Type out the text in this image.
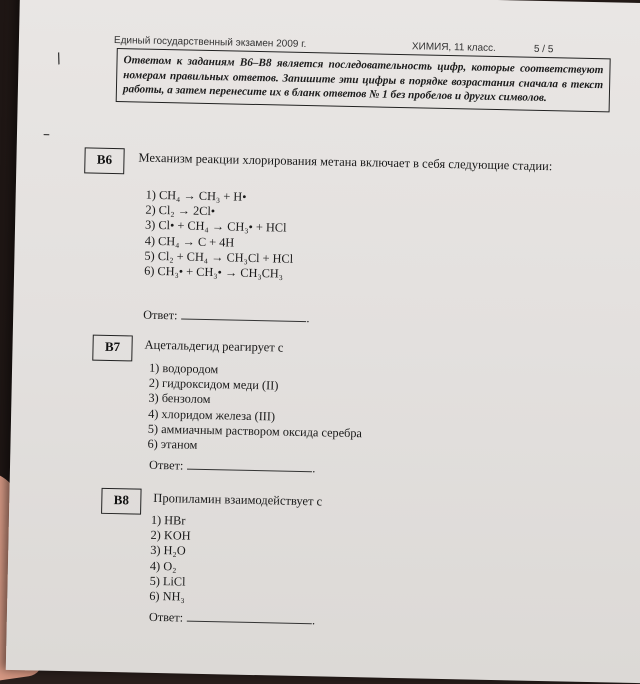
Единый государственный экзамен 2009 г.	ХИМИЯ, 11 класс.	5 / 5
Ответом к заданиям В6–В8 является последовательность цифр, которые соответствуют номерам правильных ответов. Запишите эти цифры в порядке возрастания сначала в текст работы, а затем перенесите их в бланк ответов № 1 без пробелов и других символов.
/
–
B6	Механизм реакции хлорирования метана включает в себя следующие стадии:
1) CH₄ → CH₃ + H•
2) Cl₂ → 2Cl•
3) Cl• + CH₄ → CH₃• + HCl
4) CH₄ → C + 4H
5) Cl₂ + CH₄ → CH₃Cl + HCl
6) CH₃• + CH₃• → CH₃CH₃
Ответ:	.
B7	Ацетальдегид реагирует с
1) водородом
2) гидроксидом меди (II)
3) бензолом
4) хлоридом железа (III)
5) аммиачным раствором оксида серебра
6) этаном
Ответ:	.
B8	Пропиламин взаимодействует с
1) HBr
2) KOH
3) H₂O
4) O₂
5) LiCl
6) NH₃
Ответ:	.
